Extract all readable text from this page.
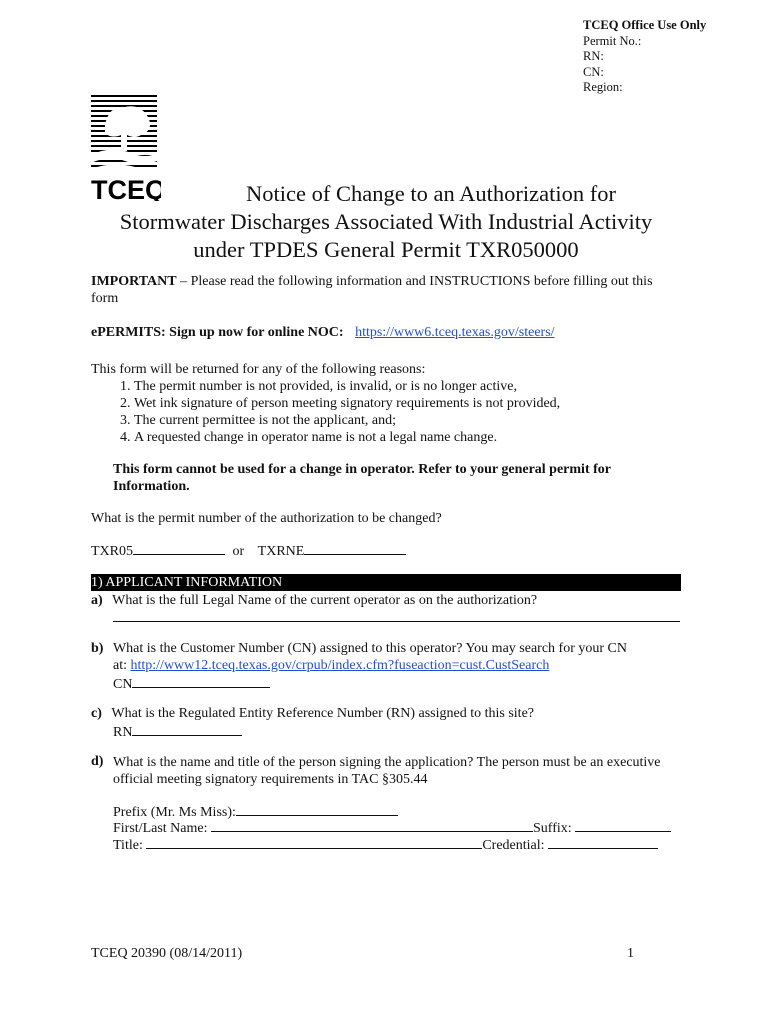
TCEQ Office Use Only
Permit No.:
RN:
CN:
Region:
TCEQ	Notice of Change to an Authorization for
Stormwater Discharges Associated With Industrial Activity
under TPDES General Permit TXR050000
IMPORTANT – Please read the following information and INSTRUCTIONS before filling out this form
ePERMITS: Sign up now for online NOC: https://www6.tceq.texas.gov/steers/
This form will be returned for any of the following reasons:
1. The permit number is not provided, is invalid, or is no longer active,
2. Wet ink signature of person meeting signatory requirements is not provided,
3. The current permittee is not the applicant, and;
4. A requested change in operator name is not a legal name change.
This form cannot be used for a change in operator. Refer to your general permit for Information.
What is the permit number of the authorization to be changed?
TXR05	or TXRNE
1) APPLICANT INFORMATION
a) What is the full Legal Name of the current operator as on the authorization?
b) What is the Customer Number (CN) assigned to this operator? You may search for your CN
at: http://www12.tceq.texas.gov/crpub/index.cfm?fuseaction=cust.CustSearch
CN
c) What is the Regulated Entity Reference Number (RN) assigned to this site?
RN
d) What is the name and title of the person signing the application? The person must be an executive official meeting signatory requirements in TAC §305.44
Prefix (Mr. Ms Miss):
First/Last Name:	Suffix:
Title:	Credential:
TCEQ 20390 (08/14/2011)	1
